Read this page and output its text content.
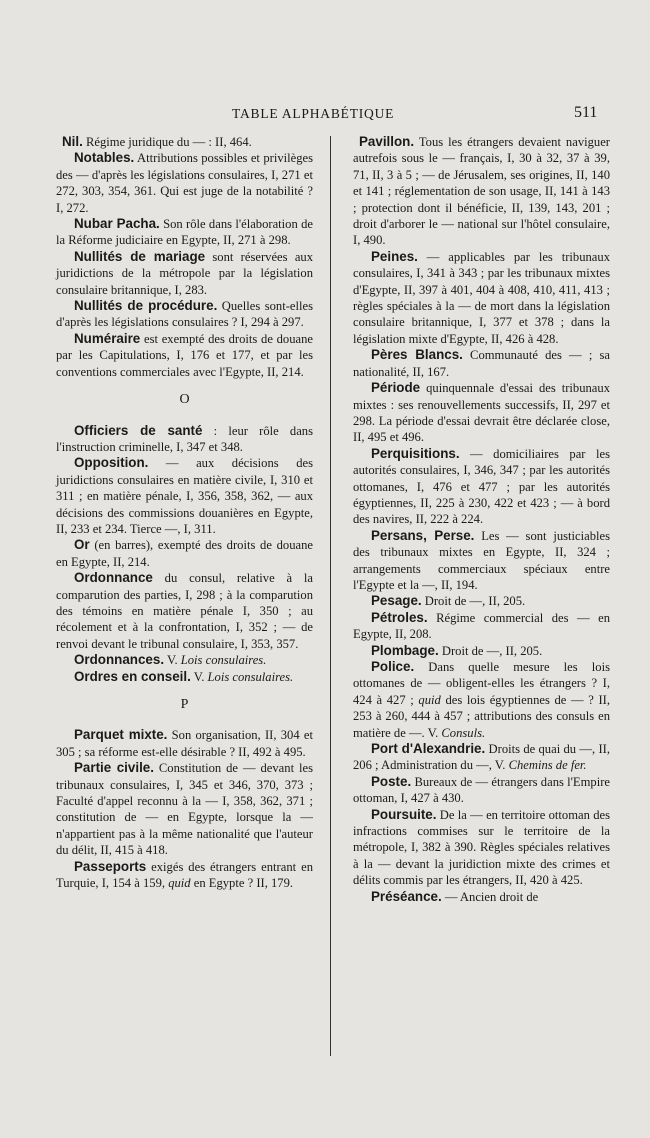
TABLE ALPHABÉTIQUE	511

Nil. Régime juridique du — : II, 464.

Notables. Attributions possibles et privilèges des — d'après les législations consulaires, I, 271 et 272, 303, 354, 361. Qui est juge de la notabilité ? I, 272.

Nubar Pacha. Son rôle dans l'élaboration de la Réforme judiciaire en Egypte, II, 271 à 298.

Nullités de mariage sont réservées aux juridictions de la métropole par la législation consulaire britannique, I, 283.

Nullités de procédure. Quelles sont-elles d'après les législations consulaires ? I, 294 à 297.

Numéraire est exempté des droits de douane par les Capitulations, I, 176 et 177, et par les conventions commerciales avec l'Egypte, II, 214.

O

Officiers de santé : leur rôle dans l'instruction criminelle, I, 347 et 348.

Opposition. — aux décisions des juridictions consulaires en matière civile, I, 310 et 311 ; en matière pénale, I, 356, 358, 362, — aux décisions des commissions douanières en Egypte, II, 233 et 234. Tierce —, I, 311.

Or (en barres), exempté des droits de douane en Egypte, II, 214.

Ordonnance du consul, relative à la comparution des parties, I, 298 ; à la comparution des témoins en matière pénale I, 350 ; au récolement et à la confrontation, I, 352 ; — de renvoi devant le tribunal consulaire, I, 353, 357.

Ordonnances. V. Lois consulaires.

Ordres en conseil. V. Lois consulaires.

P

Parquet mixte. Son organisation, II, 304 et 305 ; sa réforme est-elle désirable ? II, 492 à 495.

Partie civile. Constitution de — devant les tribunaux consulaires, I, 345 et 346, 370, 373 ; Faculté d'appel reconnu à la — I, 358, 362, 371 ; constitution de — en Egypte, lorsque la — n'appartient pas à la même nationalité que l'auteur du délit, II, 415 à 418.

Passeports exigés des étrangers entrant en Turquie, I, 154 à 159, quid en Egypte ? II, 179.

Pavillon. Tous les étrangers devaient naviguer autrefois sous le — français, I, 30 à 32, 37 à 39, 71, II, 3 à 5 ; — de Jérusalem, ses origines, II, 140 et 141 ; réglementation de son usage, II, 141 à 143 ; protection dont il bénéficie, II, 139, 143, 201 ; droit d'arborer le — national sur l'hôtel consulaire, I, 490.

Peines. — applicables par les tribunaux consulaires, I, 341 à 343 ; par les tribunaux mixtes d'Egypte, II, 397 à 401, 404 à 408, 410, 411, 413 ; règles spéciales à la — de mort dans la législation consulaire britannique, I, 377 et 378 ; dans la législation mixte d'Egypte, II, 426 à 428.

Pères Blancs. Communauté des — ; sa nationalité, II, 167.

Période quinquennale d'essai des tribunaux mixtes : ses renouvellements successifs, II, 297 et 298. La période d'essai devrait être déclarée close, II, 495 et 496.

Perquisitions. — domiciliaires par les autorités consulaires, I, 346, 347 ; par les autorités ottomanes, I, 476 et 477 ; par les autorités égyptiennes, II, 225 à 230, 422 et 423 ; — à bord des navires, II, 222 à 224.

Persans, Perse. Les — sont justiciables des tribunaux mixtes en Egypte, II, 324 ; arrangements commerciaux spéciaux entre l'Egypte et la —, II, 194.

Pesage. Droit de —, II, 205.

Pétroles. Régime commercial des — en Egypte, II, 208.

Plombage. Droit de —, II, 205.

Police. Dans quelle mesure les lois ottomanes de — obligent-elles les étrangers ? I, 424 à 427 ; quid des lois égyptiennes de — ? II, 253 à 260, 444 à 457 ; attributions des consuls en matière de —. V. Consuls.

Port d'Alexandrie. Droits de quai du —, II, 206 ; Administration du —, V. Chemins de fer.

Poste. Bureaux de — étrangers dans l'Empire ottoman, I, 427 à 430.

Poursuite. De la — en territoire ottoman des infractions commises sur le territoire de la métropole, I, 382 à 390. Règles spéciales relatives à la — devant la juridiction mixte des crimes et délits commis par les étrangers, II, 420 à 425.

Préséance. — Ancien droit de
